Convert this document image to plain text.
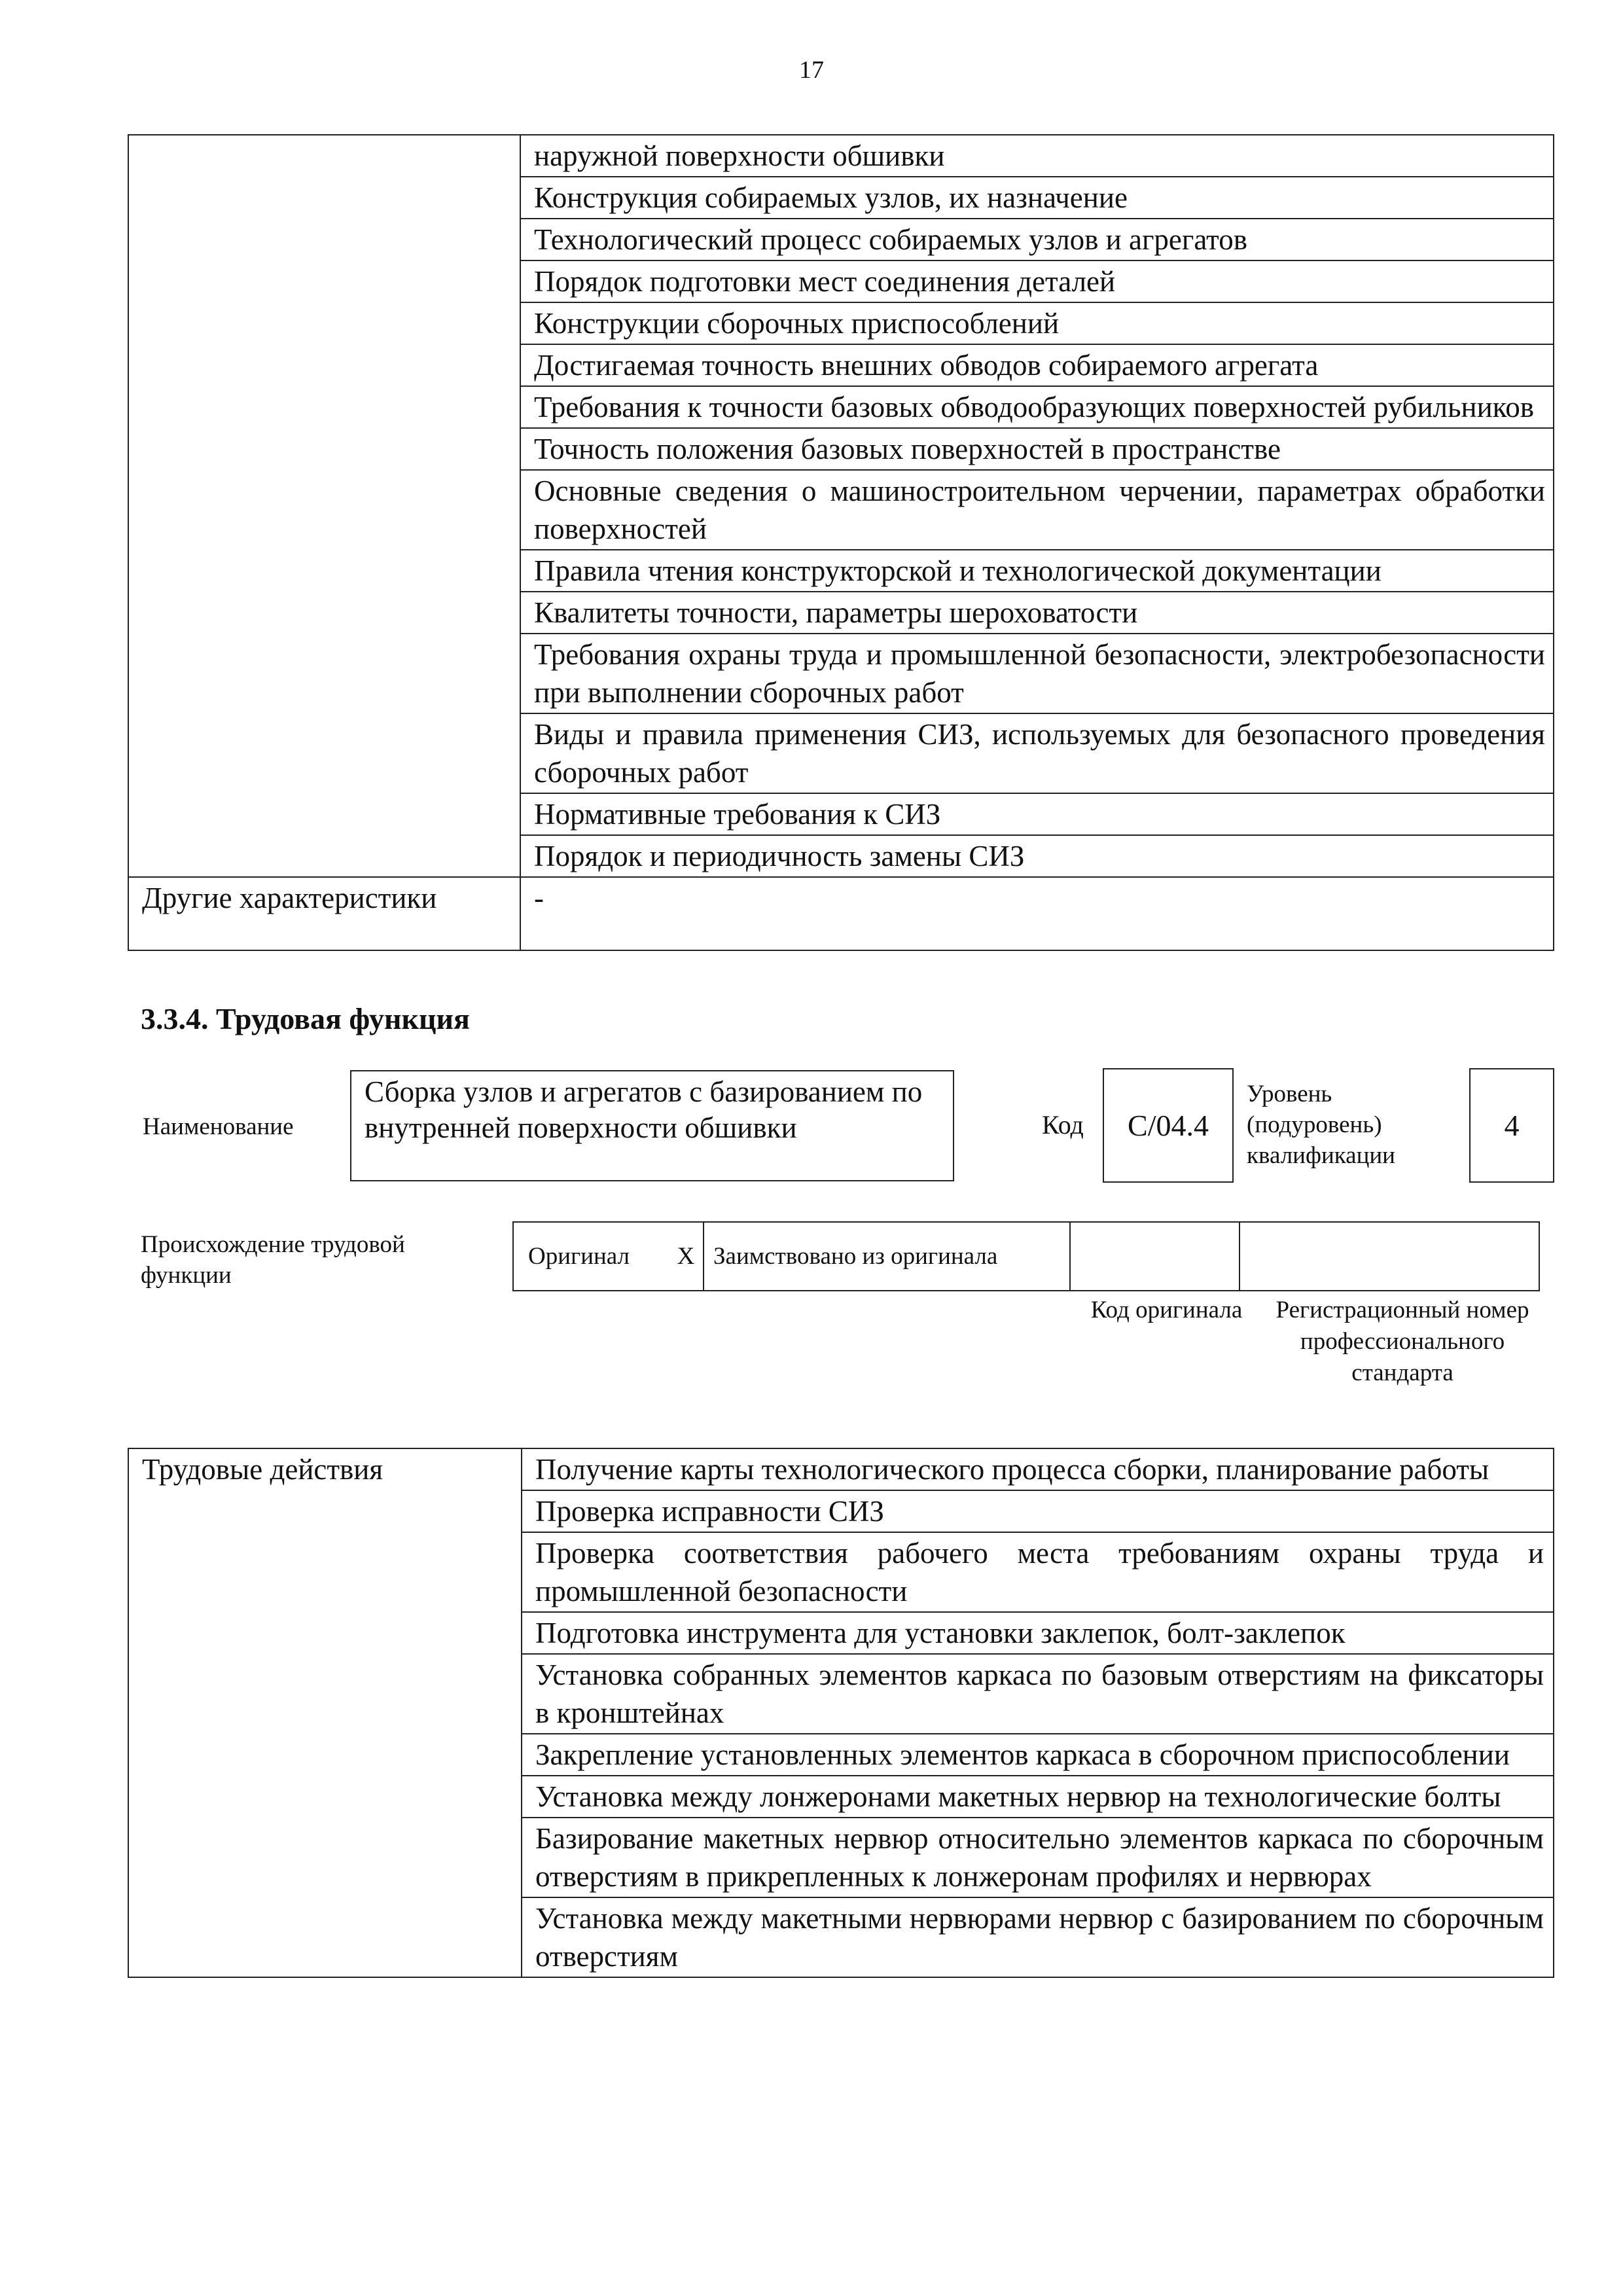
17
	наружной поверхности обшивки
	Конструкция собираемых узлов, их назначение
	Технологический процесс собираемых узлов и агрегатов
	Порядок подготовки мест соединения деталей
	Конструкции сборочных приспособлений
	Достигаемая точность внешних обводов собираемого агрегата
	Требования к точности базовых обводообразующих поверхностей рубильников
	Точность положения базовых поверхностей в пространстве
	Основные сведения о машиностроительном черчении, параметрах обработки поверхностей
	Правила чтения конструкторской и технологической документации
	Квалитеты точности, параметры шероховатости
	Требования охраны труда и промышленной безопасности, электробезопасности при выполнении сборочных работ
	Виды и правила применения СИЗ, используемых для безопасного проведения сборочных работ
	Нормативные требования к СИЗ
	Порядок и периодичность замены СИЗ
Другие характеристики	-
3.3.4. Трудовая функция
Наименование
Сборка узлов и агрегатов с базированием по внутренней поверхности обшивки	Код	С/04.4
Уровень (подуровень) квалификации
4
Происхождение трудовой функции
Оригинал	Х	Заимствовано из оригинала		
Код оригинала	Регистрационный номер профессионального стандарта
Трудовые действия	Получение карты технологического процесса сборки, планирование работы
Проверка исправности СИЗ
Проверка соответствия рабочего места требованиям охраны труда и промышленной безопасности
Подготовка инструмента для установки заклепок, болт-заклепок
Установка собранных элементов каркаса по базовым отверстиям на фиксаторы в кронштейнах
Закрепление установленных элементов каркаса в сборочном приспособлении
Установка между лонжеронами макетных нервюр на технологические болты
Базирование макетных нервюр относительно элементов каркаса по сборочным отверстиям в прикрепленных к лонжеронам профилях и нервюрах
Установка между макетными нервюрами нервюр с базированием по сборочным отверстиям
